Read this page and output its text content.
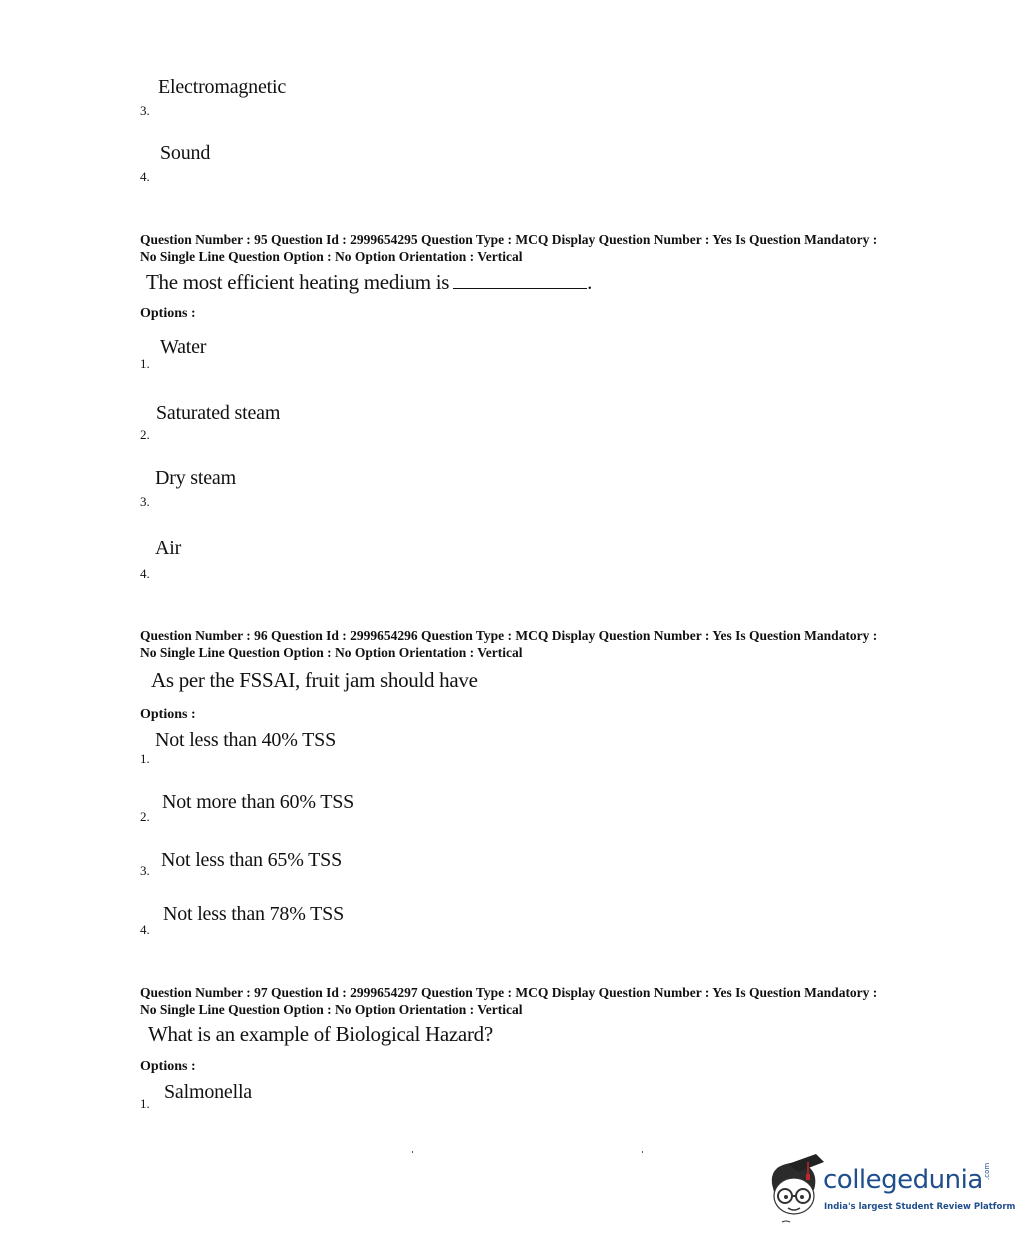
Electromagnetic
3.
Sound
4.
Question Number : 95 Question Id : 2999654295 Question Type : MCQ Display Question Number : Yes Is Question Mandatory : No Single Line Question Option : No Option Orientation : Vertical
The most efficient heating medium is	.
Options :
Water
1.
Saturated steam
2.
Dry steam
3.
Air
4.
Question Number : 96 Question Id : 2999654296 Question Type : MCQ Display Question Number : Yes Is Question Mandatory : No Single Line Question Option : No Option Orientation : Vertical
As per the FSSAI, fruit jam should have
Options :
Not less than 40% TSS
1.
Not more than 60% TSS
2.
Not less than 65% TSS
3.
Not less than 78% TSS
4.
Question Number : 97 Question Id : 2999654297 Question Type : MCQ Display Question Number : Yes Is Question Mandatory : No Single Line Question Option : No Option Orientation : Vertical
What is an example of Biological Hazard?
Options :
Salmonella
1.
collegedunia .com
India's largest Student Review Platform
